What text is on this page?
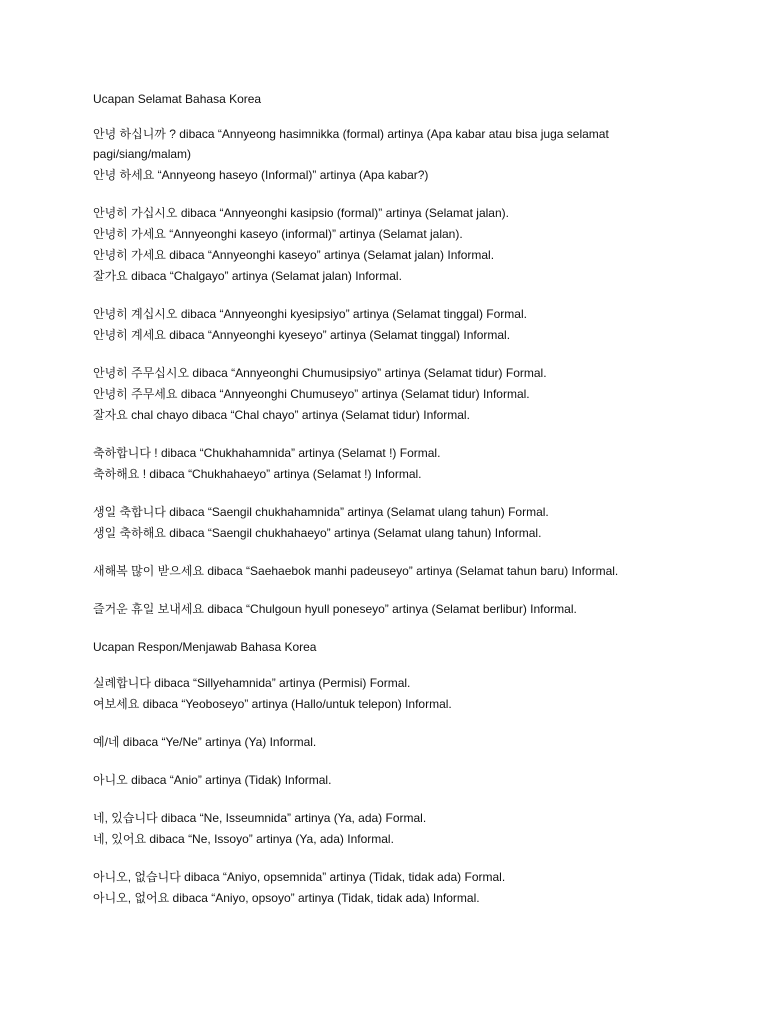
Ucapan Selamat Bahasa Korea
안녕 하십니까 ? dibaca “Annyeong hasimnikka (formal) artinya (Apa kabar atau bisa juga selamat pagi/siang/malam)
안녕 하세요 “Annyeong haseyo (Informal)” artinya (Apa kabar?)
안녕히 가십시오 dibaca “Annyeonghi kasipsio (formal)” artinya (Selamat jalan).
안녕히 가세요 “Annyeonghi kaseyo (informal)” artinya (Selamat jalan).
안녕히 가세요 dibaca “Annyeonghi kaseyo” artinya (Selamat jalan) Informal.
잘가요 dibaca “Chalgayo” artinya (Selamat jalan) Informal.
안녕히 계십시오 dibaca “Annyeonghi kyesipsiyo” artinya (Selamat tinggal) Formal.
안녕히 계세요 dibaca “Annyeonghi kyeseyo” artinya (Selamat tinggal) Informal.
안녕히 주무십시오 dibaca “Annyeonghi Chumusipsiyo” artinya (Selamat tidur) Formal.
안녕히 주무세요 dibaca “Annyeonghi Chumuseyo” artinya (Selamat tidur) Informal.
잘자요 chal chayo dibaca “Chal chayo” artinya (Selamat tidur) Informal.
축하합니다 ! dibaca “Chukhahamnida” artinya (Selamat !) Formal.
축하해요 ! dibaca “Chukhahaeyo” artinya (Selamat !) Informal.
생일 축합니다 dibaca “Saengil chukhahamnida” artinya (Selamat ulang tahun) Formal.
생일 축하해요 dibaca “Saengil chukhahaeyo” artinya (Selamat ulang tahun) Informal.
새해복 많이 받으세요 dibaca “Saehaebok manhi padeuseyo” artinya (Selamat tahun baru) Informal.
즐거운 휴일 보내세요 dibaca “Chulgoun hyull poneseyo” artinya (Selamat berlibur) Informal.
Ucapan Respon/Menjawab Bahasa Korea
실례합니다 dibaca “Sillyehamnida” artinya (Permisi) Formal.
여보세요 dibaca “Yeoboseyo” artinya (Hallo/untuk telepon) Informal.
예/네 dibaca “Ye/Ne” artinya (Ya) Informal.
아니오 dibaca “Anio” artinya (Tidak) Informal.
네, 있습니다 dibaca “Ne, Isseumnida” artinya (Ya, ada) Formal.
네, 있어요 dibaca “Ne, Issoyo” artinya (Ya, ada) Informal.
아니오, 없습니다 dibaca “Aniyo, opsemnida” artinya (Tidak, tidak ada) Formal.
아니오, 없어요 dibaca “Aniyo, opsoyo” artinya (Tidak, tidak ada) Informal.
